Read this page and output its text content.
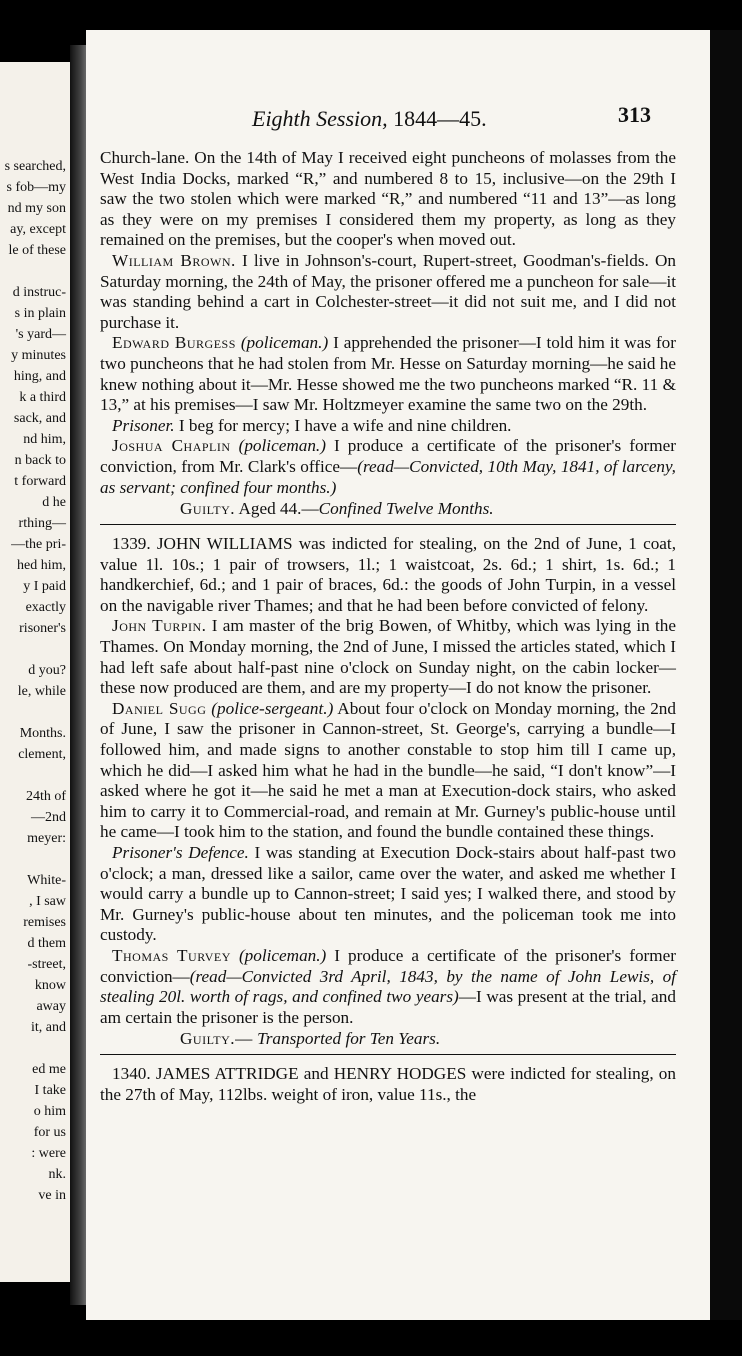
s searched,
s fob—my
nd my son
ay, except
le of these
d instruc-
s in plain
's yard—
y minutes
hing, and
k a third
sack, and
nd him,
n back to
t forward
d he
rthing—
—the pri-
hed him,
y I paid
exactly
risoner's
d you?
le, while
Months.
clement,
24th of
—2nd
meyer:
White-
, I saw
remises
d them
-street,
know
away
it, and
ed me
I take
o him
for us
: were
nk.
ve in
Eighth Session, 1844—45.	313

Church-lane. On the 14th of May I received eight puncheons of molasses from the West India Docks, marked “R,” and numbered 8 to 15, inclusive—on the 29th I saw the two stolen which were marked “R,” and numbered “11 and 13”—as long as they were on my premises I considered them my property, as long as they remained on the premises, but the cooper's when moved out.

William Brown. I live in Johnson's-court, Rupert-street, Goodman's-fields. On Saturday morning, the 24th of May, the prisoner offered me a puncheon for sale—it was standing behind a cart in Colchester-street—it did not suit me, and I did not purchase it.

Edward Burgess (policeman.) I apprehended the prisoner—I told him it was for two puncheons that he had stolen from Mr. Hesse on Saturday morning—he said he knew nothing about it—Mr. Hesse showed me the two puncheons marked “R. 11 & 13,” at his premises—I saw Mr. Holtzmeyer examine the same two on the 29th.

Prisoner. I beg for mercy; I have a wife and nine children.

Joshua Chaplin (policeman.) I produce a certificate of the prisoner's former conviction, from Mr. Clark's office—(read—Convicted, 10th May, 1841, of larceny, as servant; confined four months.)

Guilty. Aged 44.—Confined Twelve Months.

1339. JOHN WILLIAMS was indicted for stealing, on the 2nd of June, 1 coat, value 1l. 10s.; 1 pair of trowsers, 1l.; 1 waistcoat, 2s. 6d.; 1 shirt, 1s. 6d.; 1 handkerchief, 6d.; and 1 pair of braces, 6d.: the goods of John Turpin, in a vessel on the navigable river Thames; and that he had been before convicted of felony.

John Turpin. I am master of the brig Bowen, of Whitby, which was lying in the Thames. On Monday morning, the 2nd of June, I missed the articles stated, which I had left safe about half-past nine o'clock on Sunday night, on the cabin locker—these now produced are them, and are my property—I do not know the prisoner.

Daniel Sugg (police-sergeant.) About four o'clock on Monday morning, the 2nd of June, I saw the prisoner in Cannon-street, St. George's, carrying a bundle—I followed him, and made signs to another constable to stop him till I came up, which he did—I asked him what he had in the bundle—he said, “I don't know”—I asked where he got it—he said he met a man at Execution-dock stairs, who asked him to carry it to Commercial-road, and remain at Mr. Gurney's public-house until he came—I took him to the station, and found the bundle contained these things.

Prisoner's Defence. I was standing at Execution Dock-stairs about half-past two o'clock; a man, dressed like a sailor, came over the water, and asked me whether I would carry a bundle up to Cannon-street; I said yes; I walked there, and stood by Mr. Gurney's public-house about ten minutes, and the policeman took me into custody.

Thomas Turvey (policeman.) I produce a certificate of the prisoner's former conviction—(read—Convicted 3rd April, 1843, by the name of John Lewis, of stealing 20l. worth of rags, and confined two years)—I was present at the trial, and am certain the prisoner is the person.

Guilty.— Transported for Ten Years.

1340. JAMES ATTRIDGE and HENRY HODGES were indicted for stealing, on the 27th of May, 112lbs. weight of iron, value 11s., the
